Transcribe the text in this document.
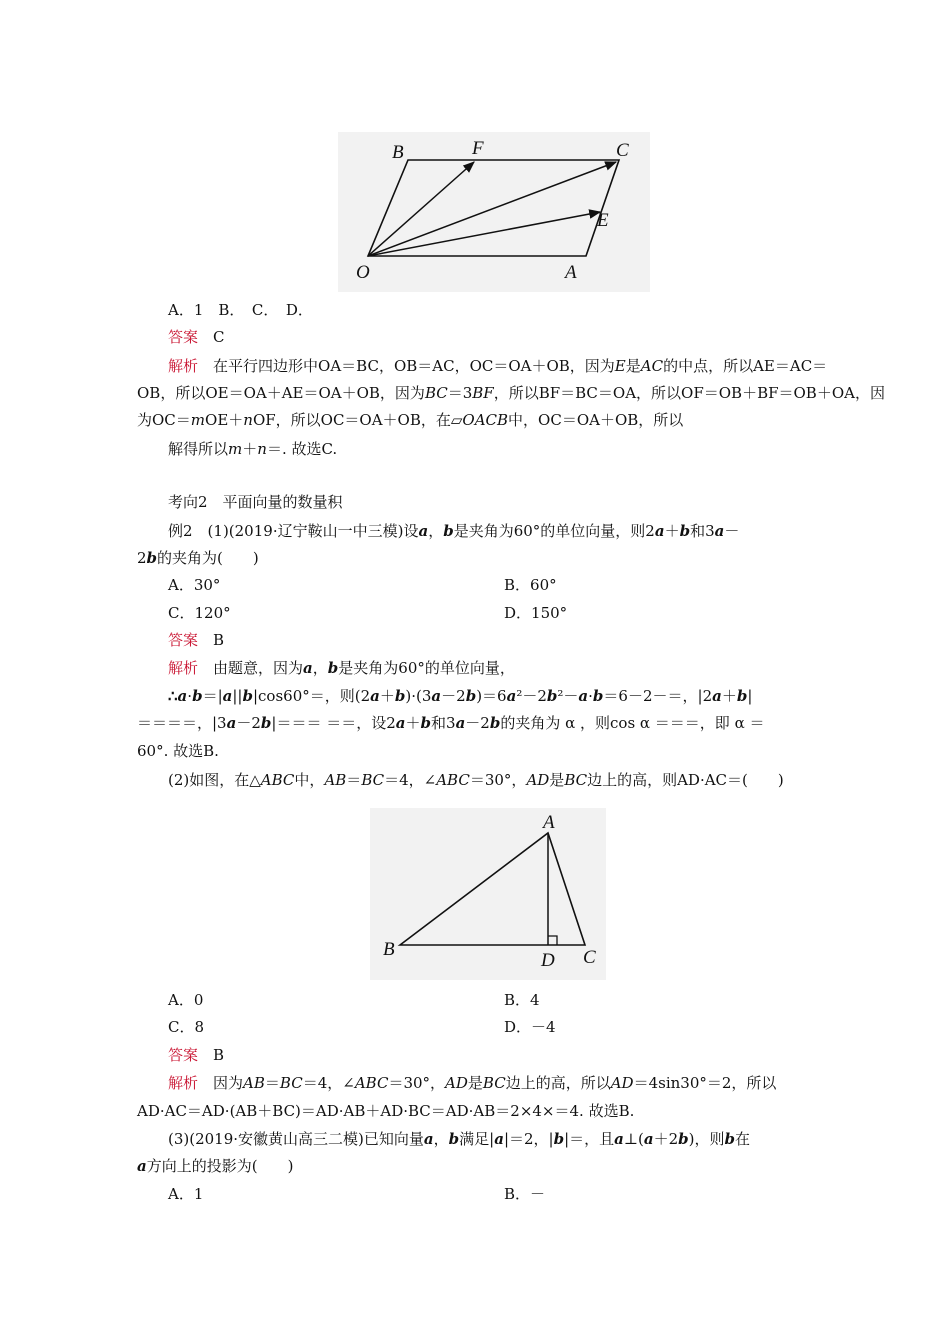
B	F	C
E
O	A
A．1　B．　C．　D．
答案　 C
解析　 在平行四边形中OA＝BC，OB＝AC，OC＝OA＋OB，因为E是AC的中点，所以AE＝AC＝
OB，所以OE＝OA＋AE＝OA＋OB，因为BC＝3BF，所以BF＝BC＝OA，所以OF＝OB＋BF＝OB＋OA，因
为OC＝mOE＋nOF，所以OC＝OA＋OB，在▱OACB中，OC＝OA＋OB，所以
解得所以m＋n＝. 故选C.
考向2　平面向量的数量积
例2　(1)(2019·辽宁鞍山一中三模)设a，b是夹角为60°的单位向量，则2a＋b和3a－
2b的夹角为(　　)
A．30°	B．60°
C．120°	D．150°
答案　 B
解析　 由题意，因为a，b是夹角为60°的单位向量，
∴a·b＝|a||b|cos60°＝，则(2a＋b)·(3a－2b)＝6a²－2b²－a·b＝6－2－＝，|2a＋b|
＝＝＝＝，|3a－2b|＝＝＝ ＝＝，设2a＋b和3a－2b的夹角为 α ，则cos α ＝＝＝，即 α ＝
60°. 故选B.
(2)如图，在△ABC中，AB＝BC＝4，∠ABC＝30°，AD是BC边上的高，则AD·AC＝(　　)
A
B
D C
A．0	B．4
C．8	D．－4
答案　 B
解析　 因为AB＝BC＝4，∠ABC＝30°，AD是BC边上的高，所以AD＝4sin30°＝2，所以
AD·AC＝AD·(AB＋BC)＝AD·AB＋AD·BC＝AD·AB＝2×4×＝4. 故选B.
(3)(2019·安徽黄山高三二模)已知向量a，b满足|a|＝2，|b|＝，且a⊥(a＋2b)，则b在
a方向上的投影为(　　)
A．1	B．－
